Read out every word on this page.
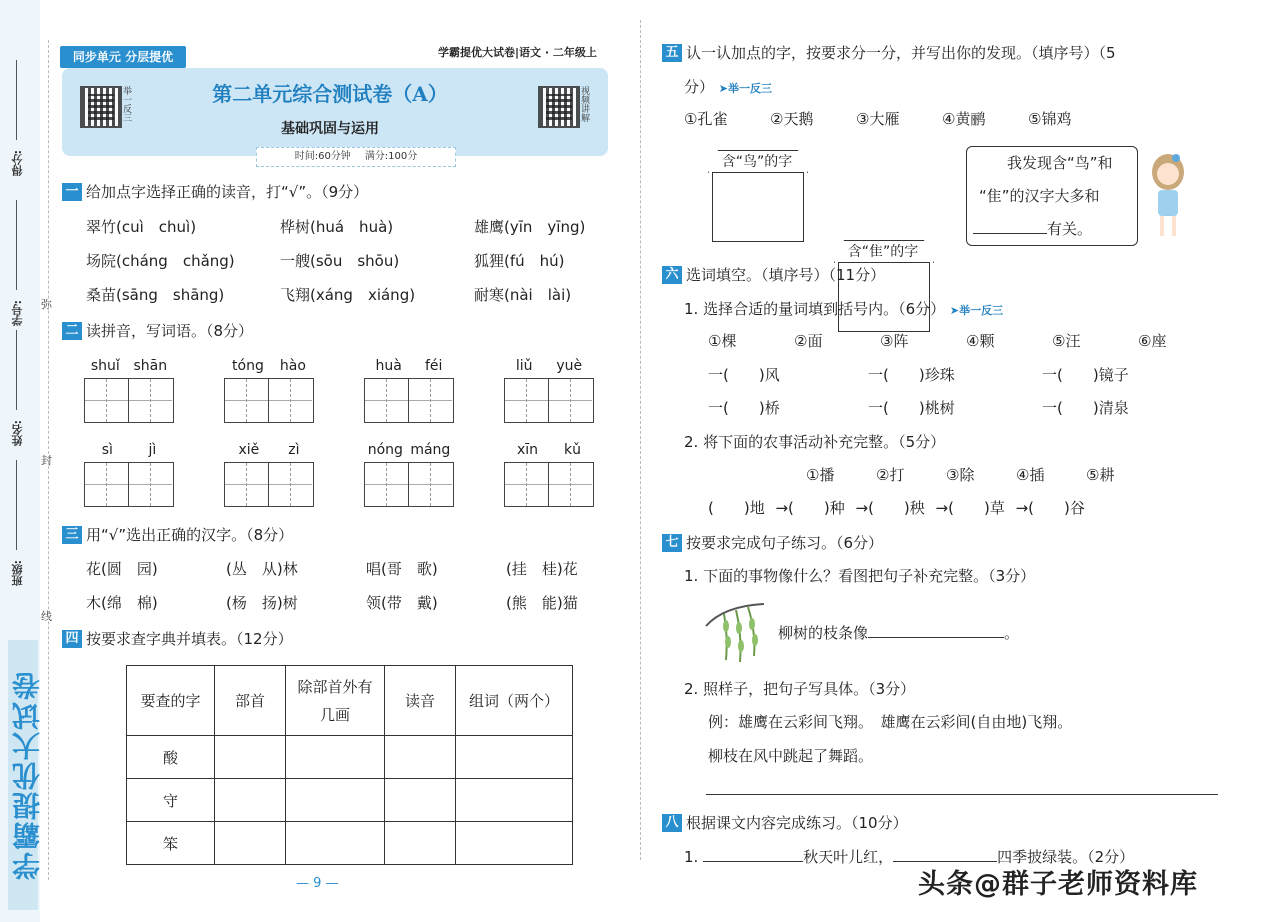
学霸提优大试卷
得分:
学号:
姓名:
班级:
弥
封
线
同步单元 分层提优	学霸提优大试卷|语文 · 二年级上
举一反三	视频讲解
第二单元综合测试卷（A）
基础巩固与运用
时间:60分钟 满分:100分
一 给加点字选择正确的读音，打“√”。（9分）
翠竹(cuì　chuì)	桦树(huá　huà)	雄鹰(yīn　yīng)
场院(cháng　chǎng)	一艘(sōu　shōu)	狐狸(fú　hú)
桑苗(sāng　shāng)	飞翔(xáng　xiáng)	耐寒(nài　lài)
二 读拼音，写词语。（8分）
shuǐ shān	tóng hào	huà féi	liǔ yuè
sì	jì	xiě zì	nóng máng	xīn kǔ
三 用“√”选出正确的汉字。（8分）
花(圆　园)	(丛　从)林	唱(哥　歌)	(挂　桂)花
木(绵　棉)	(杨　扬)树	领(带　戴)	(熊　能)猫
四 按要求查字典并填表。（12分）
要查的字	部首	除部首外有几画	读音	组词（两个）
酸				
守				
笨				
— 9 —
五 认一认加点的字，按要求分一分，并写出你的发现。（填序号）（5
分） ➤举一反三
①孔雀	②天鹅	③大雁	④黄鹂	⑤锦鸡
含“鸟”的字
含“隹”的字
我发现含“鸟”和
“隹”的汉字大多和
有关。
六 选词填空。（填序号）（11分）
1. 选择合适的量词填到括号内。（6分） ➤举一反三
①棵	②面	③阵	④颗	⑤汪	⑥座
一(　　)风	一(　　)珍珠	一(　　)镜子
一(　　)桥	一(　　)桃树	一(　　)清泉
2. 将下面的农事活动补充完整。（5分）
①播	②打	③除	④插	⑤耕
(　　)地 →(　　)种 →(　　)秧 →(　　)草 →(　　)谷
七 按要求完成句子练习。（6分）
1. 下面的事物像什么？看图把句子补充完整。（3分）
柳树的枝条像	。
2. 照样子，把句子写具体。（3分）
例：雄鹰在云彩间飞翔。　雄鹰在云彩间(自由地)飞翔。
柳枝在风中跳起了舞蹈。
八 根据课文内容完成练习。（10分）
1.	秋天叶儿红，	四季披绿装。（2分）
头条@群子老师资料库
